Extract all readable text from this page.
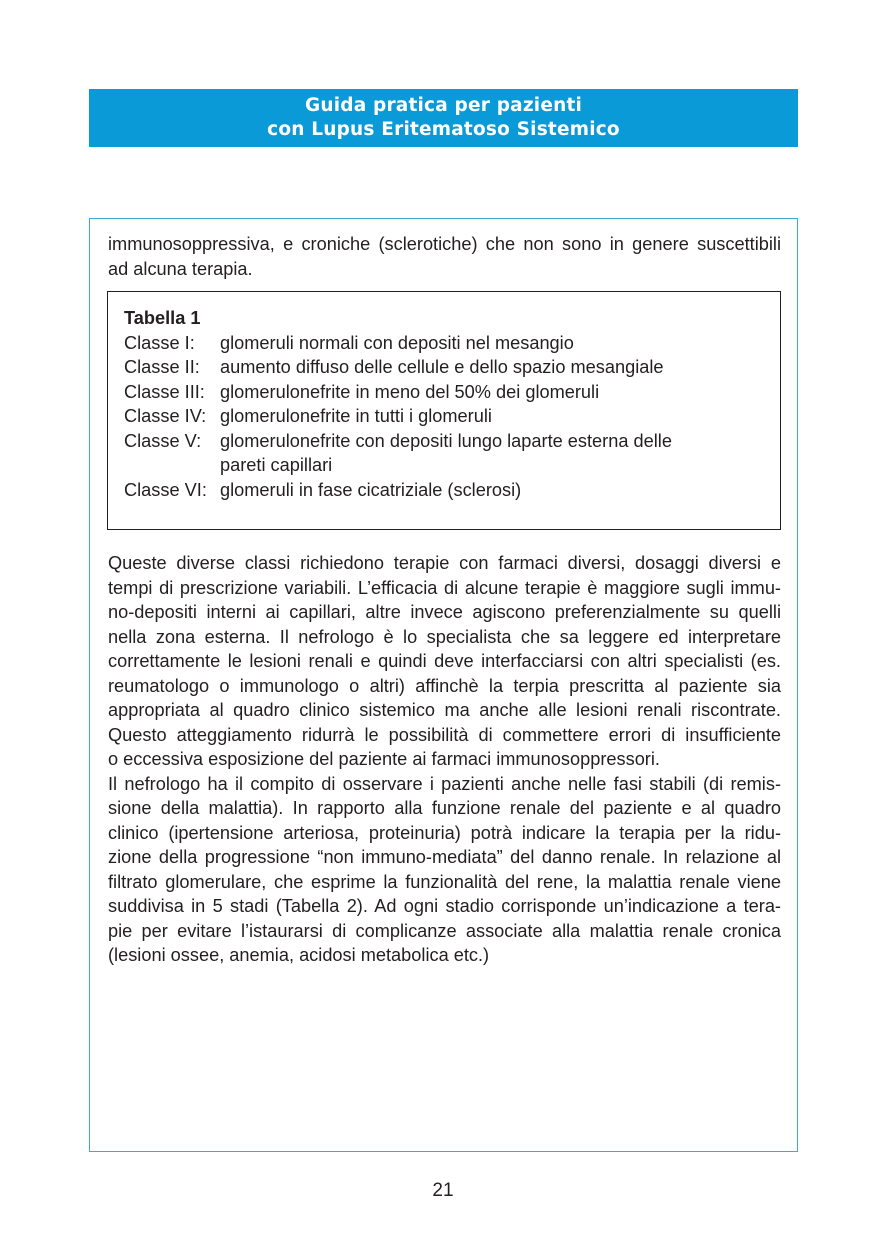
Guida pratica per pazienti
con Lupus Eritematoso Sistemico
immunosoppressiva, e croniche (sclerotiche) che non sono in genere suscettibili
ad alcuna terapia.
Tabella 1
Classe I:	glomeruli normali con depositi nel mesangio
Classe II:	aumento diffuso delle cellule e dello spazio mesangiale
Classe III: glomerulonefrite in meno del 50% dei glomeruli
Classe IV: glomerulonefrite in tutti i glomeruli
Classe V:	glomerulonefrite con depositi lungo laparte esterna delle pareti capillari
Classe VI: glomeruli in fase cicatriziale (sclerosi)
Queste diverse classi richiedono terapie con farmaci diversi, dosaggi diversi e
tempi di prescrizione variabili. L’efficacia di alcune terapie è maggiore sugli immu-
no-depositi interni ai capillari, altre invece agiscono preferenzialmente su quelli
nella zona esterna. Il nefrologo è lo specialista che sa leggere ed interpretare
correttamente le lesioni renali e quindi deve interfacciarsi con altri specialisti (es.
reumatologo o immunologo o altri) affinchè la terpia prescritta al paziente sia
appropriata al quadro clinico sistemico ma anche alle lesioni renali riscontrate.
Questo atteggiamento ridurrà le possibilità di commettere errori di insufficiente
o eccessiva esposizione del paziente ai farmaci immunosoppressori.
Il nefrologo ha il compito di osservare i pazienti anche nelle fasi stabili (di remis-
sione della malattia). In rapporto alla funzione renale del paziente e al quadro
clinico (ipertensione arteriosa, proteinuria) potrà indicare la terapia per la ridu-
zione della progressione “non immuno-mediata” del danno renale. In relazione al
filtrato glomerulare, che esprime la funzionalità del rene, la malattia renale viene
suddivisa in 5 stadi (Tabella 2). Ad ogni stadio corrisponde un’indicazione a tera-
pie per evitare l’istaurarsi di complicanze associate alla malattia renale cronica
(lesioni ossee, anemia, acidosi metabolica etc.)
21
